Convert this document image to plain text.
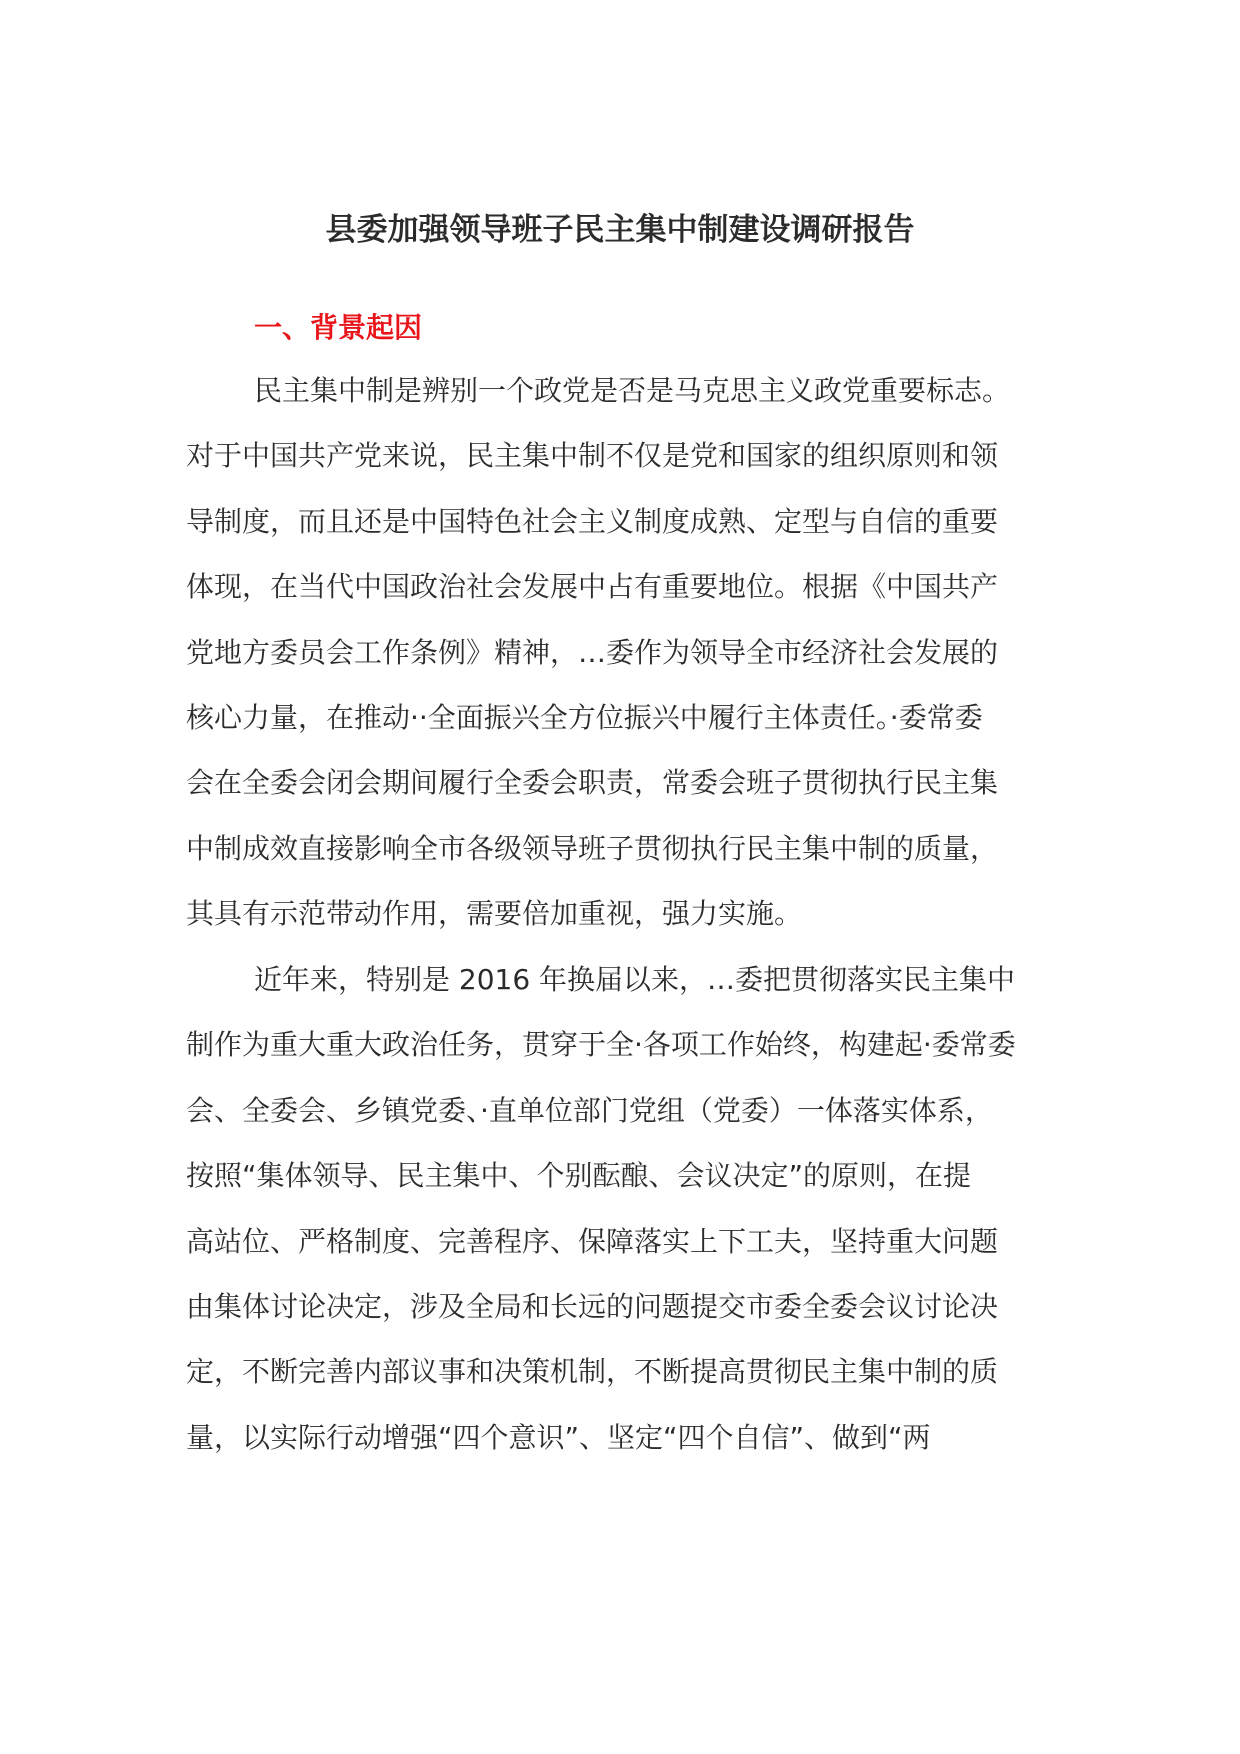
县委加强领导班子民主集中制建设调研报告
一、背景起因
民主集中制是辨别一个政党是否是马克思主义政党重要标志。
对于中国共产党来说，民主集中制不仅是党和国家的组织原则和领
导制度，而且还是中国特色社会主义制度成熟、定型与自信的重要
体现，在当代中国政治社会发展中占有重要地位。根据《中国共产
党地方委员会工作条例》精神，…委作为领导全市经济社会发展的
核心力量，在推动··全面振兴全方位振兴中履行主体责任。·委常委
会在全委会闭会期间履行全委会职责，常委会班子贯彻执行民主集
中制成效直接影响全市各级领导班子贯彻执行民主集中制的质量，
其具有示范带动作用，需要倍加重视，强力实施。
近年来，特别是 2016 年换届以来，…委把贯彻落实民主集中
制作为重大重大政治任务，贯穿于全·各项工作始终，构建起·委常委
会、全委会、乡镇党委、·直单位部门党组（党委）一体落实体系，
按照“集体领导、民主集中、个别酝酿、会议决定”的原则，在提
高站位、严格制度、完善程序、保障落实上下工夫，坚持重大问题
由集体讨论决定，涉及全局和长远的问题提交市委全委会议讨论决
定，不断完善内部议事和决策机制，不断提高贯彻民主集中制的质
量，以实际行动增强“四个意识”、坚定“四个自信”、做到“两
